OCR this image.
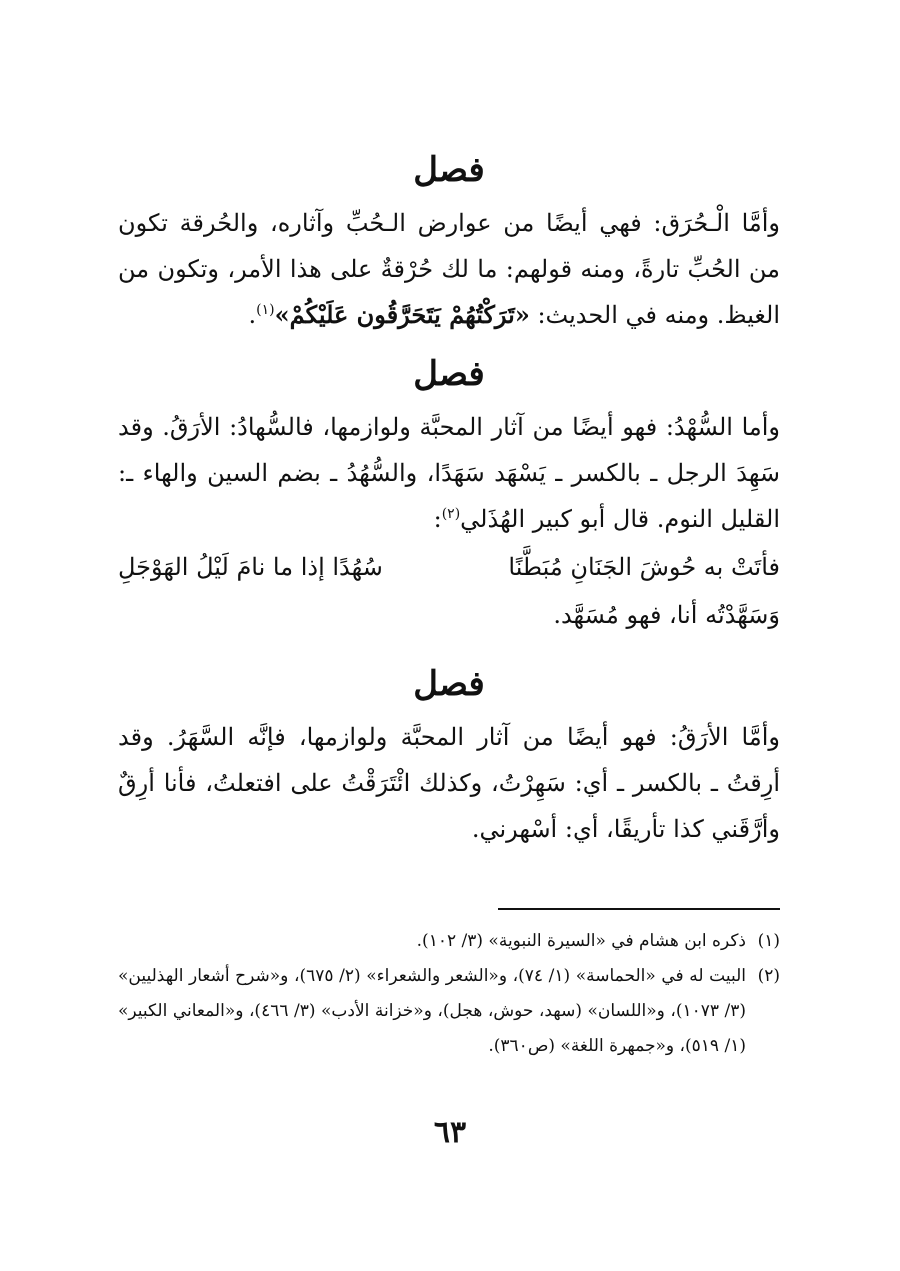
فصل

وأمَّا الْـحُرَق: فهي أيضًا من عوارض الـحُبِّ وآثاره، والحُرقة تكون من الحُبِّ تارةً، ومنه قولهم: ما لك حُرْقةٌ على هذا الأمر، وتكون من الغيظ. ومنه في الحديث: «تَرَكْتُهُمْ يَتَحَرَّقُون عَلَيْكُمْ»$^{(١)}$.

فصل

وأما السُّهْدُ: فهو أيضًا من آثار المحبَّة ولوازمها، فالسُّهادُ: الأرَقُ. وقد سَهِدَ الرجل ـ بالكسر ـ يَسْهَد سَهَدًا، والسُّهُدُ ـ بضم السين والهاء ـ: القليل النوم. قال أبو كبير الهُذَلي$^{(٢)}$:

فأتَتْ به حُوشَ الجَنَانِ مُبَطَّنًا
سُهُدًا إذا ما نامَ لَيْلُ الهَوْجَلِ

وَسَهَّدْتُه أنا، فهو مُسَهَّد.

فصل

وأمَّا الأرَقُ: فهو أيضًا من آثار المحبَّة ولوازمها، فإنَّه السَّهَرُ. وقد أرِقتُ ـ بالكسر ـ أي: سَهِرْتُ، وكذلك ائْتَرَقْتُ على افتعلتُ، فأنا أرِقٌ وأرَّقَني كذا تأريقًا، أي: أسْهرني.

(١)
ذكره ابن هشام في «السيرة النبوية» (٣/ ١٠٢).

(٢)
البيت له في «الحماسة» (١/ ٧٤)، و«الشعر والشعراء» (٢/ ٦٧٥)، و«شرح أشعار الهذليين» (٣/ ١٠٧٣)، و«اللسان» (سهد، حوش، هجل)، و«خزانة الأدب» (٣/ ٤٦٦)، و«المعاني الكبير» (١/ ٥١٩)، و«جمهرة اللغة» (ص٣٦٠).

٦٣
